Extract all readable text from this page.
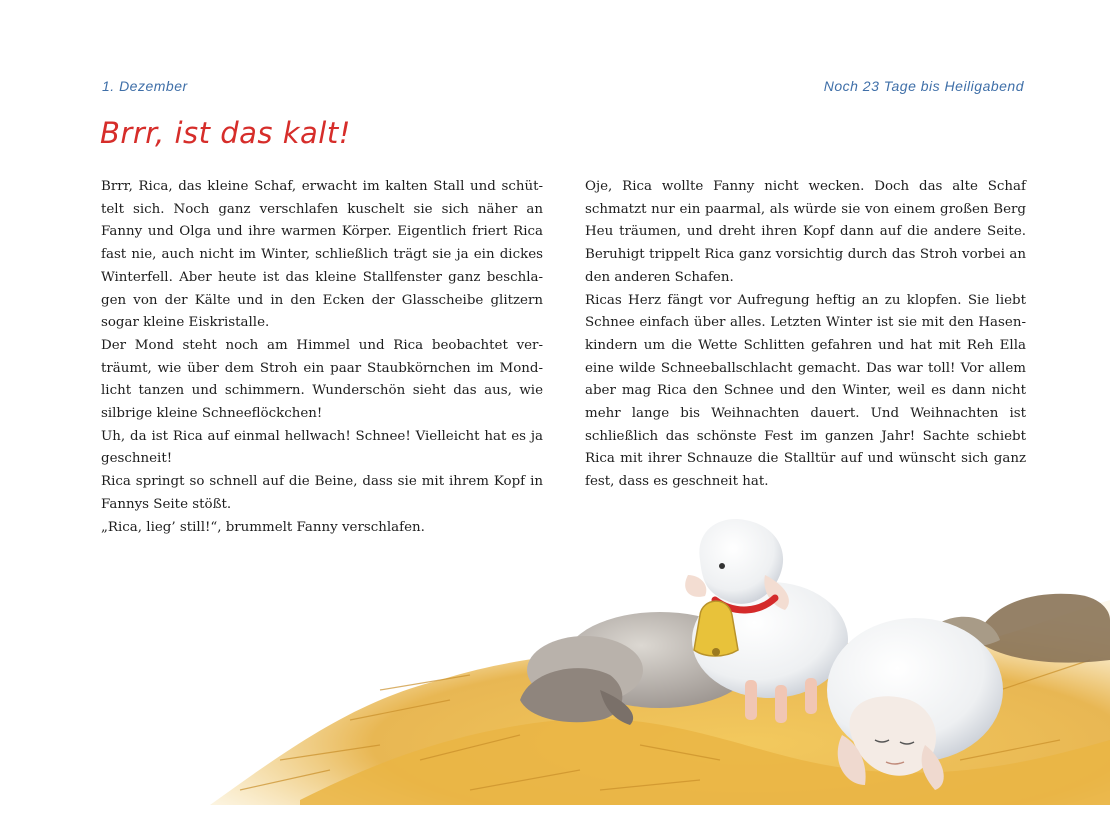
1. Dezember	Noch 23 Tage bis Heiligabend
Brrr, ist das kalt!

Brrr, Rica, das kleine Schaf, erwacht im kalten Stall und schüttelt sich. Noch ganz verschlafen kuschelt sie sich näher an Fanny und Olga und ihre warmen Körper. Eigentlich friert Rica fast nie, auch nicht im Winter, schließlich trägt sie ja ein dickes Winterfell. Aber heute ist das kleine Stallfenster ganz beschlagen von der Kälte und in den Ecken der Glasscheibe glitzern sogar kleine Eiskristalle.

Der Mond steht noch am Himmel und Rica beobachtet verträumt, wie über dem Stroh ein paar Staubkörnchen im Mondlicht tanzen und schimmern. Wunderschön sieht das aus, wie silbrige kleine Schneeflöckchen!

Uh, da ist Rica auf einmal hellwach! Schnee! Vielleicht hat es ja geschneit!

Rica springt so schnell auf die Beine, dass sie mit ihrem Kopf in Fannys Seite stößt.

„Rica, lieg’ still!“, brummelt Fanny verschlafen.

Oje, Rica wollte Fanny nicht wecken. Doch das alte Schaf schmatzt nur ein paarmal, als würde sie von einem großen Berg Heu träumen, und dreht ihren Kopf dann auf die andere Seite. Beruhigt trippelt Rica ganz vorsichtig durch das Stroh vorbei an den anderen Schafen.

Ricas Herz fängt vor Aufregung heftig an zu klopfen. Sie liebt Schnee einfach über alles. Letzten Winter ist sie mit den Hasenkindern um die Wette Schlitten gefahren und hat mit Reh Ella eine wilde Schneeballschlacht gemacht. Das war toll! Vor allem aber mag Rica den Schnee und den Winter, weil es dann nicht mehr lange bis Weihnachten dauert. Und Weihnachten ist schließlich das schönste Fest im ganzen Jahr! Sachte schiebt Rica mit ihrer Schnauze die Stalltür auf und wünscht sich ganz fest, dass es geschneit hat.
